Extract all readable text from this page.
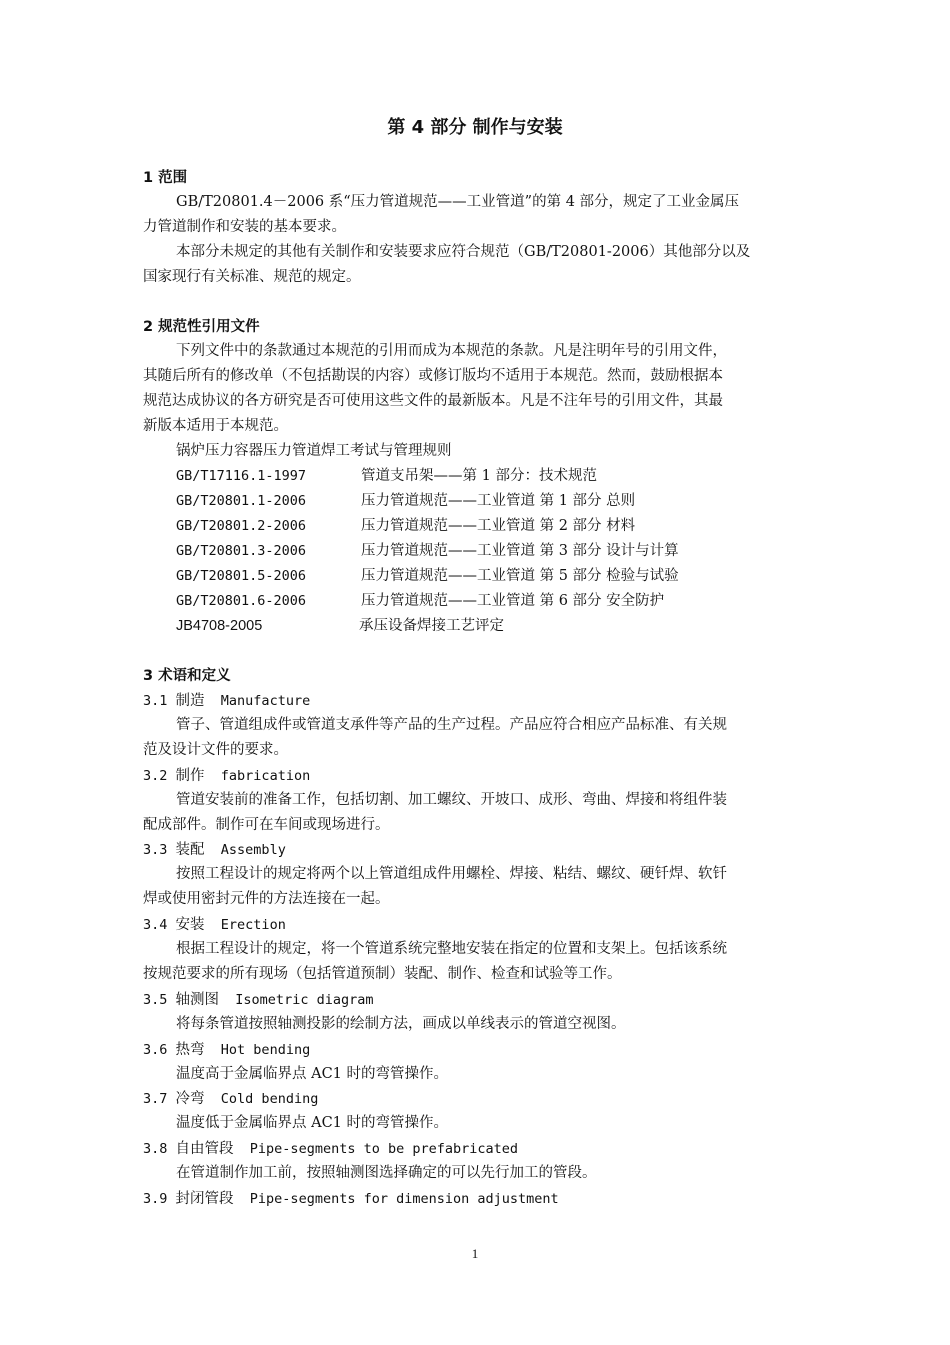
第 4 部分 制作与安装
1 范围
GB/T20801.4－2006 系“压力管道规范——工业管道”的第 4 部分，规定了工业金属压
力管道制作和安装的基本要求。
本部分未规定的其他有关制作和安装要求应符合规范（GB/T20801-2006）其他部分以及
国家现行有关标准、规范的规定。
2 规范性引用文件
下列文件中的条款通过本规范的引用而成为本规范的条款。凡是注明年号的引用文件，
其随后所有的修改单（不包括勘误的内容）或修订版均不适用于本规范。然而，鼓励根据本
规范达成协议的各方研究是否可使用这些文件的最新版本。凡是不注年号的引用文件，其最
新版本适用于本规范。
锅炉压力容器压力管道焊工考试与管理规则
GB/T17116.1-1997	管道支吊架——第 1 部分：技术规范
GB/T20801.1-2006	压力管道规范——工业管道 第 1 部分 总则
GB/T20801.2-2006	压力管道规范——工业管道 第 2 部分 材料
GB/T20801.3-2006	压力管道规范——工业管道 第 3 部分 设计与计算
GB/T20801.5-2006	压力管道规范——工业管道 第 5 部分 检验与试验
GB/T20801.6-2006	压力管道规范——工业管道 第 6 部分 安全防护
JB4708-2005	承压设备焊接工艺评定
3 术语和定义
3.1 制造 Manufacture
管子、管道组成件或管道支承件等产品的生产过程。产品应符合相应产品标准、有关规
范及设计文件的要求。
3.2 制作 fabrication
管道安装前的准备工作，包括切割、加工螺纹、开坡口、成形、弯曲、焊接和将组件装
配成部件。制作可在车间或现场进行。
3.3 装配 Assembly
按照工程设计的规定将两个以上管道组成件用螺栓、焊接、粘结、螺纹、硬钎焊、软钎
焊或使用密封元件的方法连接在一起。
3.4 安装 Erection
根据工程设计的规定，将一个管道系统完整地安装在指定的位置和支架上。包括该系统
按规范要求的所有现场（包括管道预制）装配、制作、检查和试验等工作。
3.5 轴测图 Isometric diagram
将每条管道按照轴测投影的绘制方法，画成以单线表示的管道空视图。
3.6 热弯 Hot bending
温度高于金属临界点 AC1 时的弯管操作。
3.7 冷弯 Cold bending
温度低于金属临界点 AC1 时的弯管操作。
3.8 自由管段 Pipe-segments to be prefabricated
在管道制作加工前，按照轴测图选择确定的可以先行加工的管段。
3.9 封闭管段 Pipe-segments for dimension adjustment
1
